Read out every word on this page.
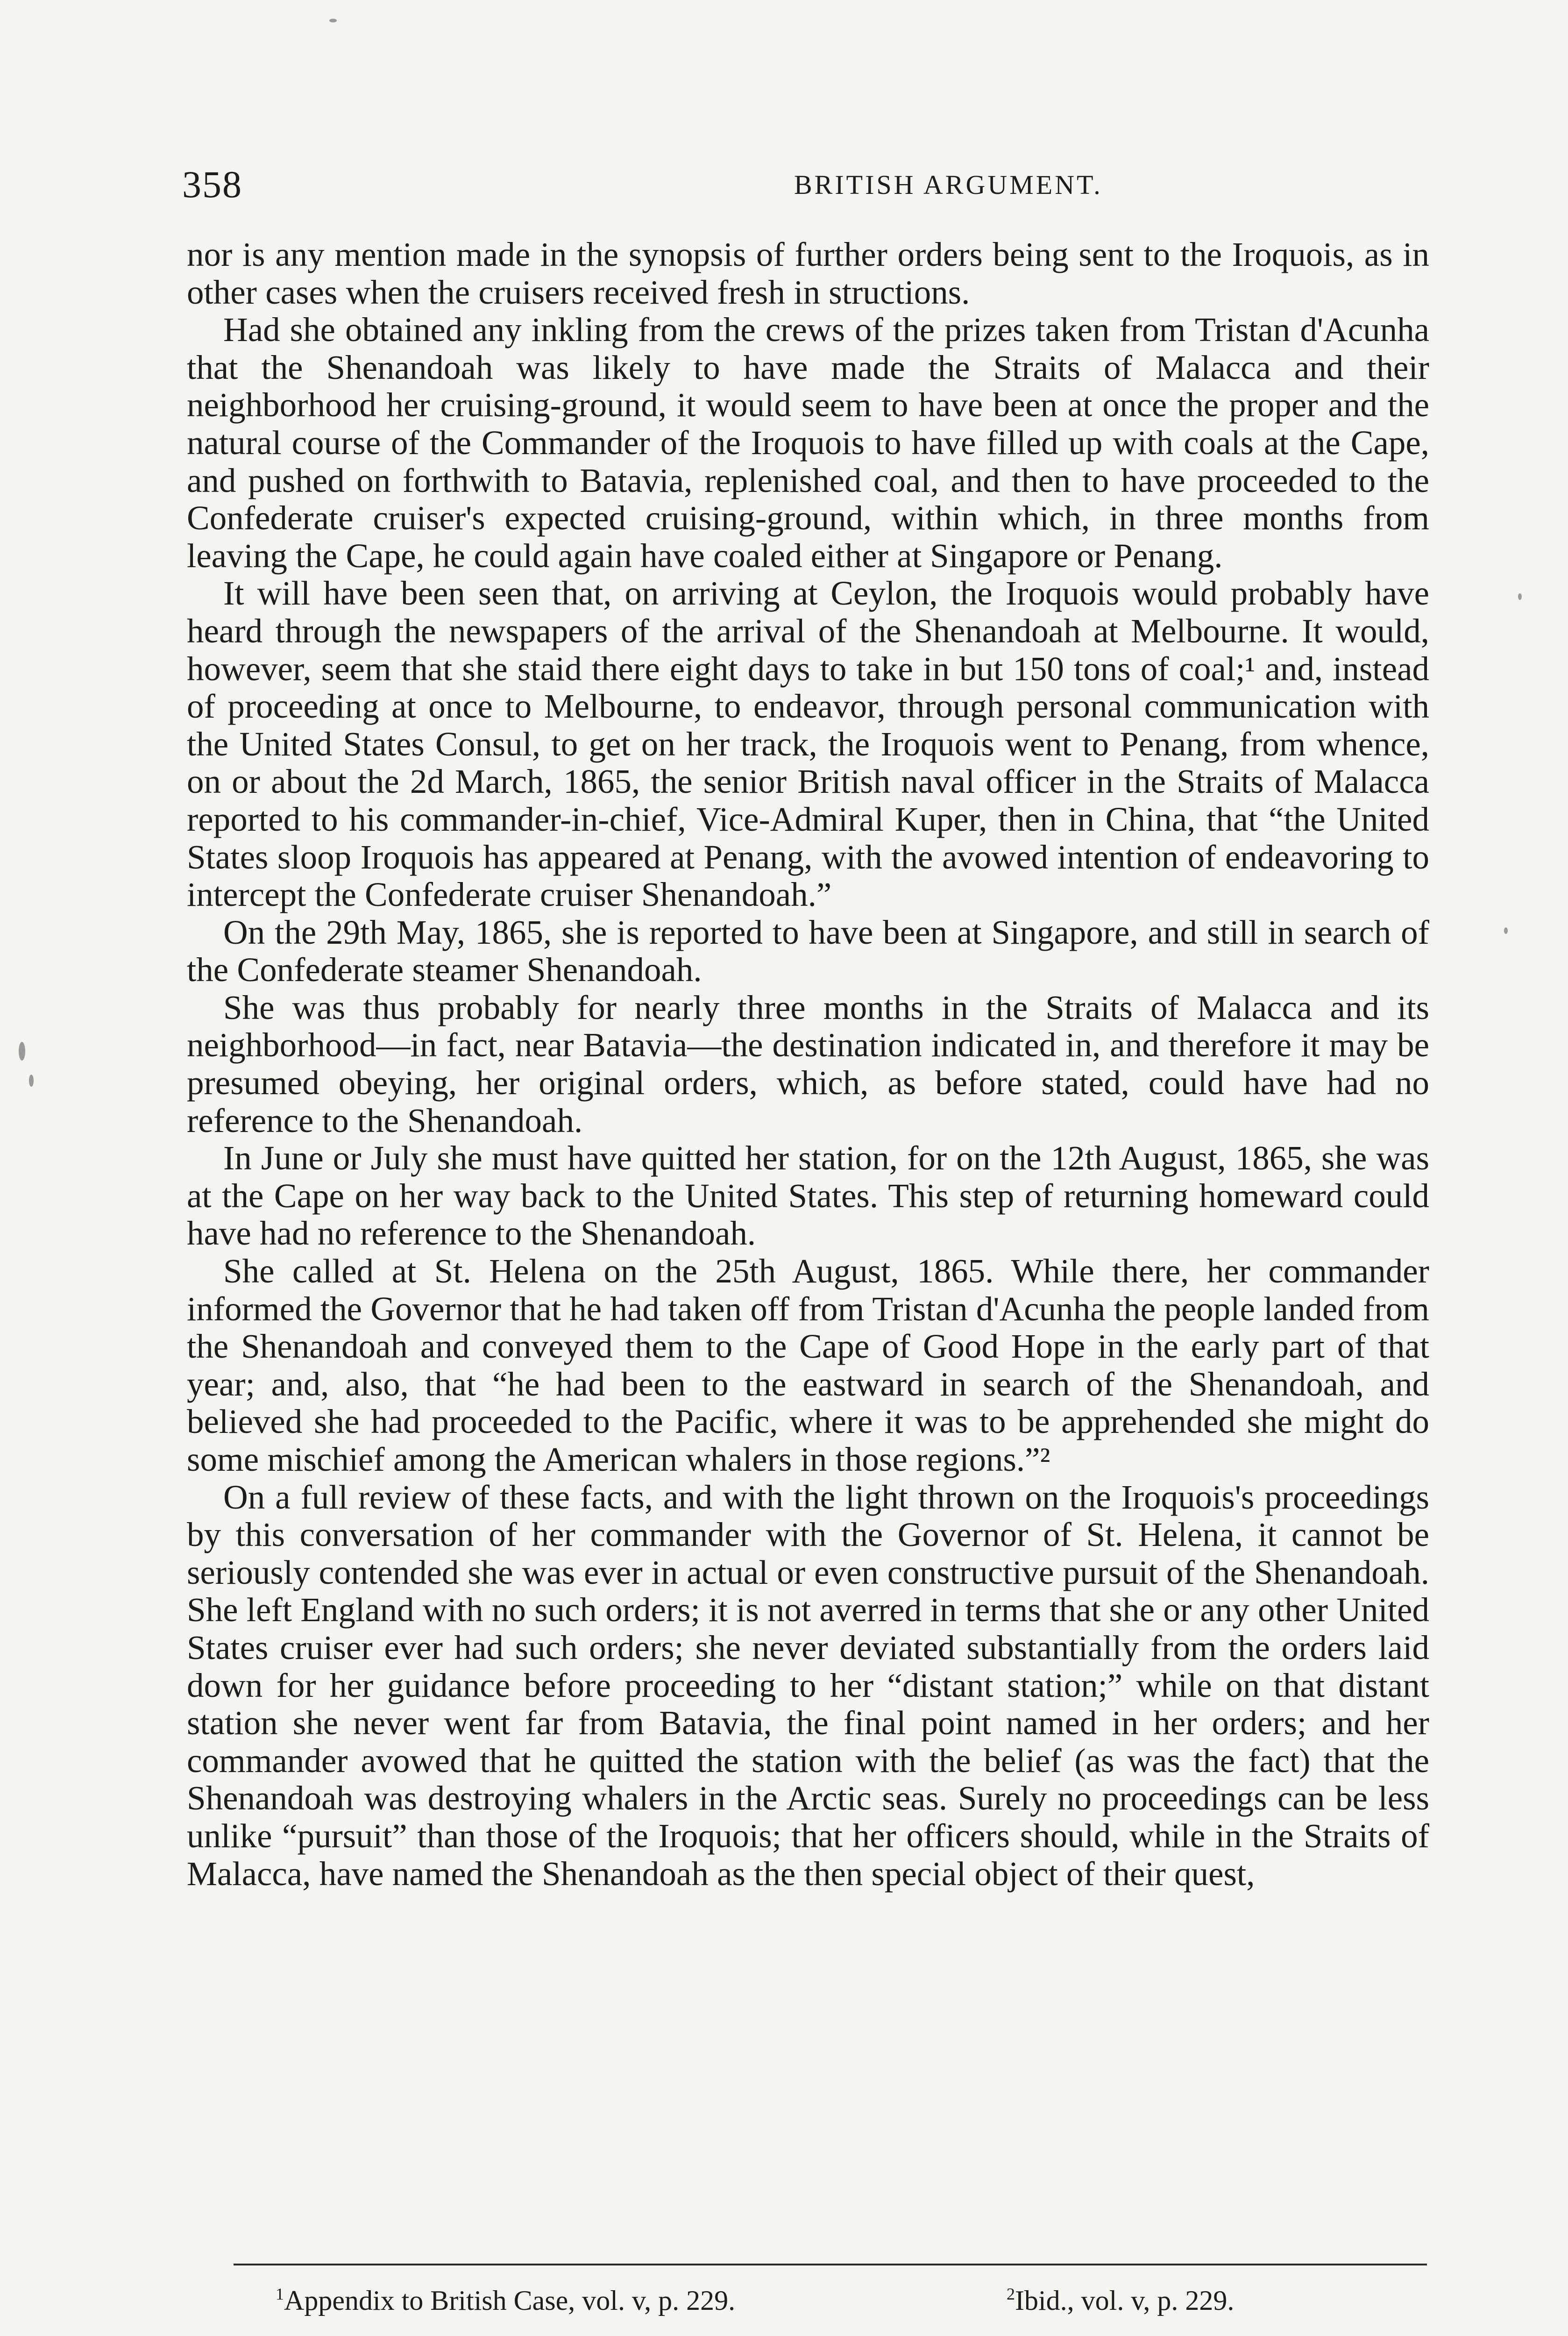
358	BRITISH ARGUMENT.

nor is any mention made in the synopsis of further orders being sent to the Iroquois, as in other cases when the cruisers received fresh in structions.

Had she obtained any inkling from the crews of the prizes taken from Tristan d'Acunha that the Shenandoah was likely to have made the Straits of Malacca and their neighborhood her cruising-ground, it would seem to have been at once the proper and the natural course of the Commander of the Iroquois to have filled up with coals at the Cape, and pushed on forthwith to Batavia, replenished coal, and then to have proceeded to the Confederate cruiser's expected cruising-ground, within which, in three months from leaving the Cape, he could again have coaled either at Singapore or Penang.

It will have been seen that, on arriving at Ceylon, the Iroquois would probably have heard through the newspapers of the arrival of the Shenandoah at Melbourne. It would, however, seem that she staid there eight days to take in but 150 tons of coal;¹ and, instead of proceeding at once to Melbourne, to endeavor, through personal communication with the United States Consul, to get on her track, the Iroquois went to Penang, from whence, on or about the 2d March, 1865, the senior British naval officer in the Straits of Malacca reported to his commander-in-chief, Vice-Admiral Kuper, then in China, that “the United States sloop Iroquois has appeared at Penang, with the avowed intention of endeavoring to intercept the Confederate cruiser Shenandoah.”

On the 29th May, 1865, she is reported to have been at Singapore, and still in search of the Confederate steamer Shenandoah.

She was thus probably for nearly three months in the Straits of Malacca and its neighborhood—in fact, near Batavia—the destination indicated in, and therefore it may be presumed obeying, her original orders, which, as before stated, could have had no reference to the Shenandoah.

In June or July she must have quitted her station, for on the 12th August, 1865, she was at the Cape on her way back to the United States. This step of returning homeward could have had no reference to the Shenandoah.

She called at St. Helena on the 25th August, 1865. While there, her commander informed the Governor that he had taken off from Tristan d'Acunha the people landed from the Shenandoah and conveyed them to the Cape of Good Hope in the early part of that year; and, also, that “he had been to the eastward in search of the Shenandoah, and believed she had proceeded to the Pacific, where it was to be apprehended she might do some mischief among the American whalers in those regions.”²

On a full review of these facts, and with the light thrown on the Iroquois's proceedings by this conversation of her commander with the Governor of St. Helena, it cannot be seriously contended she was ever in actual or even constructive pursuit of the Shenandoah. She left England with no such orders; it is not averred in terms that she or any other United States cruiser ever had such orders; she never deviated substantially from the orders laid down for her guidance before proceeding to her “distant station;” while on that distant station she never went far from Batavia, the final point named in her orders; and her commander avowed that he quitted the station with the belief (as was the fact) that the Shenandoah was destroying whalers in the Arctic seas. Surely no proceedings can be less unlike “pursuit” than those of the Iroquois; that her officers should, while in the Straits of Malacca, have named the Shenandoah as the then special object of their quest,

$^1$Appendix to British Case, vol. v, p. 229.	$^2$Ibid., vol. v, p. 229.
